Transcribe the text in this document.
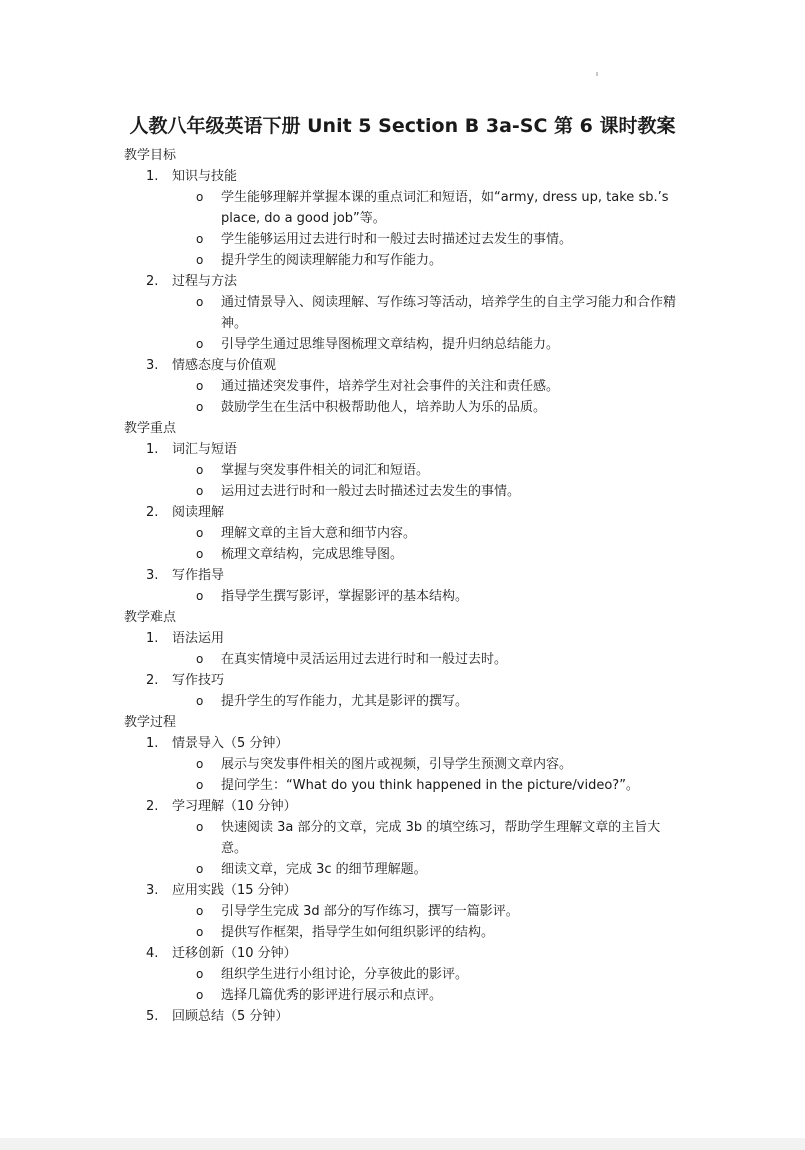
人教八年级英语下册 Unit 5 Section B 3a-SC 第 6 课时教案
教学目标
1. 知识与技能
o 学生能够理解并掌握本课的重点词汇和短语，如“army, dress up, take sb.’s place, do a good job”等。
o 学生能够运用过去进行时和一般过去时描述过去发生的事情。
o 提升学生的阅读理解能力和写作能力。
2. 过程与方法
o 通过情景导入、阅读理解、写作练习等活动，培养学生的自主学习能力和合作精神。
o 引导学生通过思维导图梳理文章结构，提升归纳总结能力。
3. 情感态度与价值观
o 通过描述突发事件，培养学生对社会事件的关注和责任感。
o 鼓励学生在生活中积极帮助他人，培养助人为乐的品质。
教学重点
1. 词汇与短语
o 掌握与突发事件相关的词汇和短语。
o 运用过去进行时和一般过去时描述过去发生的事情。
2. 阅读理解
o 理解文章的主旨大意和细节内容。
o 梳理文章结构，完成思维导图。
3. 写作指导
o 指导学生撰写影评，掌握影评的基本结构。
教学难点
1. 语法运用
o 在真实情境中灵活运用过去进行时和一般过去时。
2. 写作技巧
o 提升学生的写作能力，尤其是影评的撰写。
教学过程
1. 情景导入（5 分钟）
o 展示与突发事件相关的图片或视频，引导学生预测文章内容。
o 提问学生：“What do you think happened in the picture/video?”。
2. 学习理解（10 分钟）
o 快速阅读 3a 部分的文章，完成 3b 的填空练习，帮助学生理解文章的主旨大意。
o 细读文章，完成 3c 的细节理解题。
3. 应用实践（15 分钟）
o 引导学生完成 3d 部分的写作练习，撰写一篇影评。
o 提供写作框架，指导学生如何组织影评的结构。
4. 迁移创新（10 分钟）
o 组织学生进行小组讨论，分享彼此的影评。
o 选择几篇优秀的影评进行展示和点评。
5. 回顾总结（5 分钟）
